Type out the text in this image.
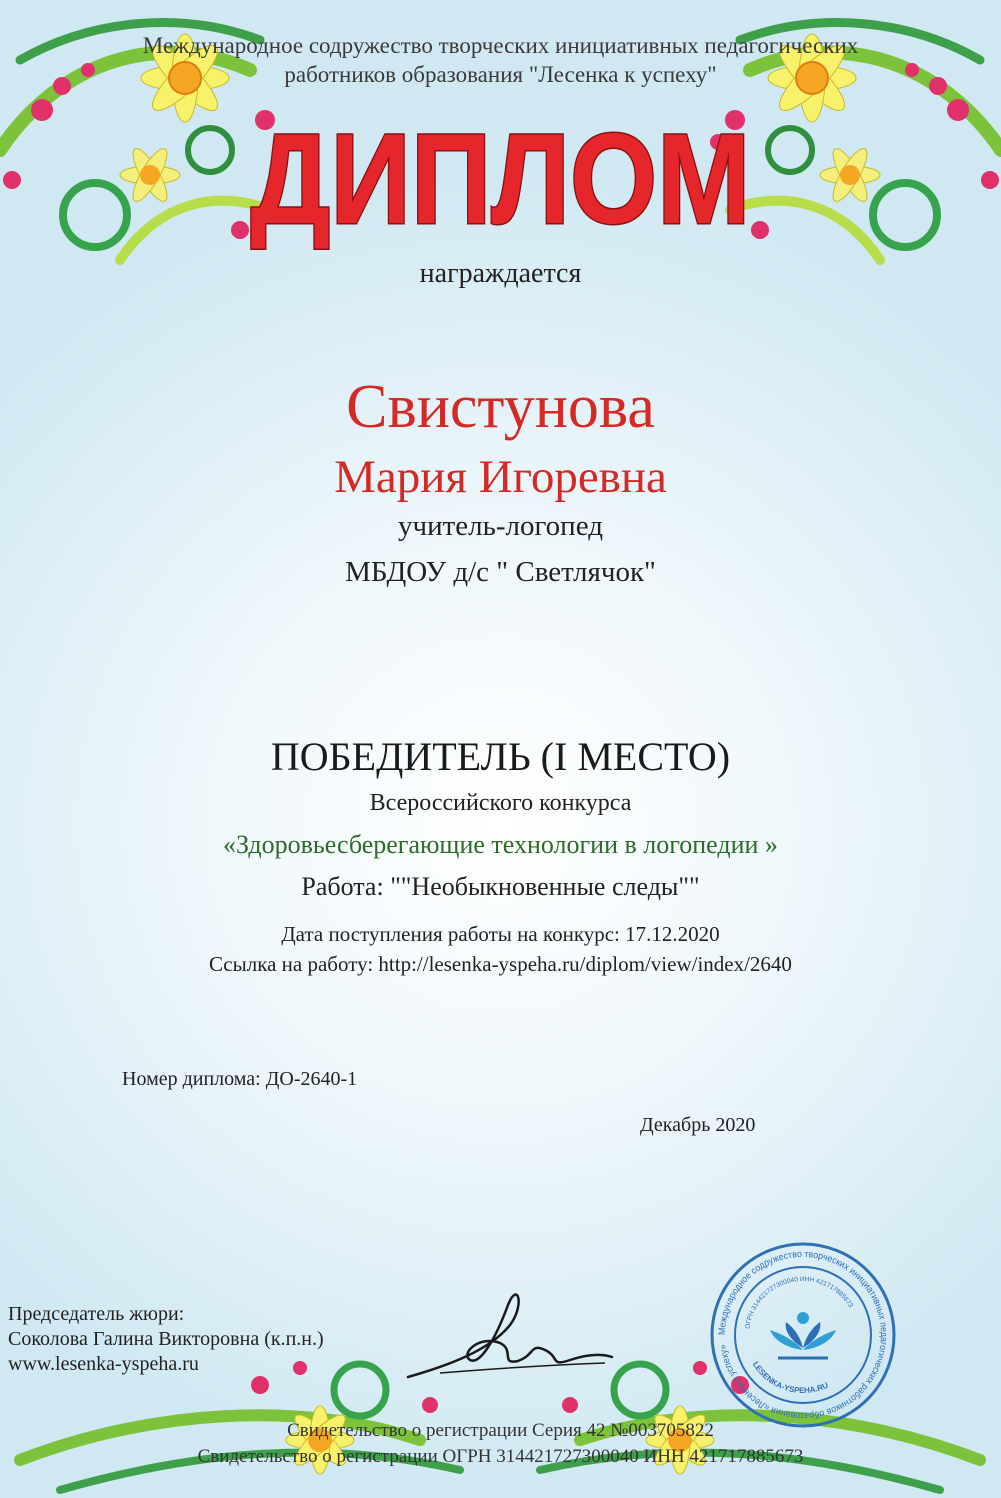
Международное содружество творческих инициативных педагогических

работников образования "Лесенка к успеху"

ДИПЛОМ

награждается

Свистунова

Мария Игоревна

учитель-логопед

МБДОУ д/с " Светлячок"

ПОБЕДИТЕЛЬ (I МЕСТО)

Всероссийского конкурса

«Здоровьесберегающие технологии в логопедии »

Работа: ""Необыкновенные следы""

Дата поступления работы на конкурс: 17.12.2020

Ссылка на работу: http://lesenka-yspeha.ru/diplom/view/index/2640

Номер диплома: ДО-2640-1

Декабрь 2020

Председатель жюри:
Соколова Галина Викторовна (к.п.н.)
www.lesenka-yspeha.ru
Международное содружество творческих инициативных педагогических работников образования «Лесенка к успеху»
ОГРН 314421727300040 ИНН 421717885673
LESENKA-YSPEHA.RU

Свидетельство о регистрации Серия 42 №003705822

Свидетельство о регистрации ОГРН 314421727300040 ИНН 421717885673
